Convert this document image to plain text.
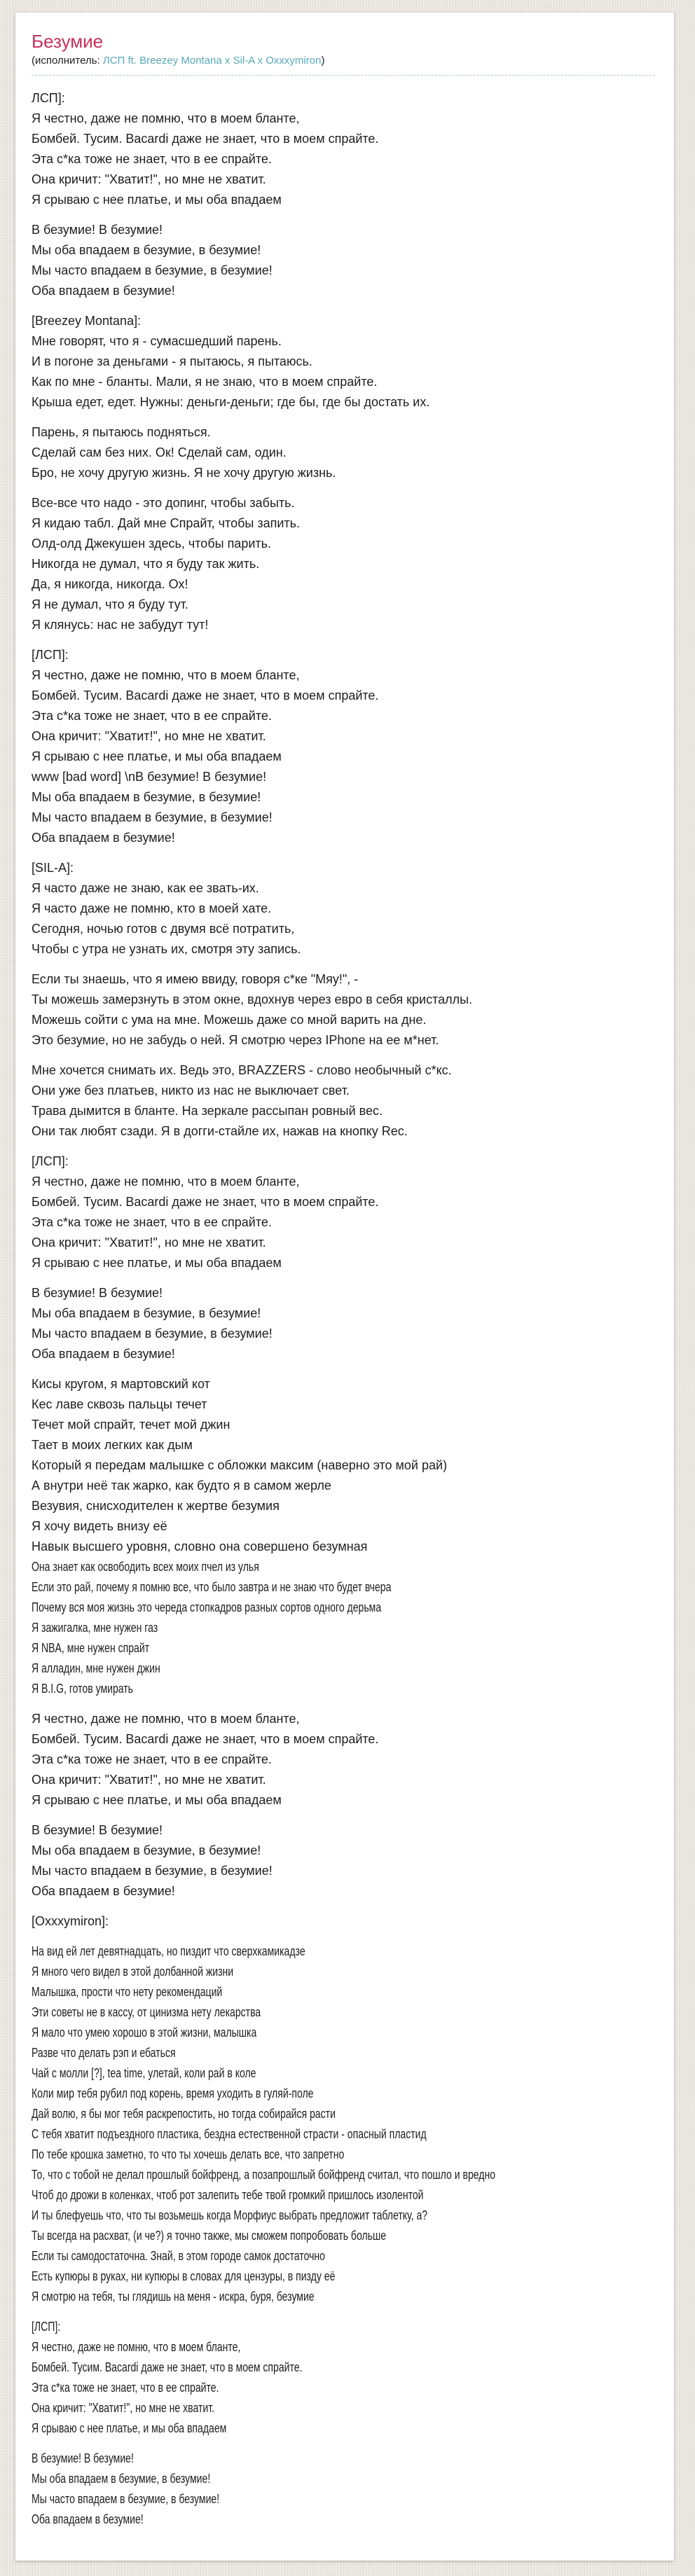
Безумие
(исполнитель: ЛСП ft. Breezey Montana x Sil-A x Oxxxymiron)
ЛСП]:
Я честно, даже не помню, что в моем бланте,
Бомбей. Тусим. Bacardi даже не знает, что в моем спрайте.
Эта с*ка тоже не знает, что в ее спрайте.
Она кричит: "Хватит!", но мне не хватит.
Я срываю с нее платье, и мы оба впадаем
В безумие! В безумие!
Мы оба впадаем в безумие, в безумие!
Мы часто впадаем в безумие, в безумие!
Оба впадаем в безумие!
[Breezey Montana]:
Мне говорят, что я - сумасшедший парень.
И в погоне за деньгами - я пытаюсь, я пытаюсь.
Как по мне - бланты. Мали, я не знаю, что в моем спрайте.
Крыша едет, едет. Нужны: деньги-деньги; где бы, где бы достать их.
Парень, я пытаюсь подняться.
Сделай сам без них. Ок! Сделай сам, один.
Бро, не хочу другую жизнь. Я не хочу другую жизнь.
Все-все что надо - это допинг, чтобы забыть.
Я кидаю табл. Дай мне Спрайт, чтобы запить.
Олд-олд Джекушен здесь, чтобы парить.
Никогда не думал, что я буду так жить.
Да, я никогда, никогда. Ох!
Я не думал, что я буду тут.
Я клянусь: нас не забудут тут!
[ЛСП]:
Я честно, даже не помню, что в моем бланте,
Бомбей. Тусим. Bacardi даже не знает, что в моем спрайте.
Эта с*ка тоже не знает, что в ее спрайте.
Она кричит: "Хватит!", но мне не хватит.
Я срываю с нее платье, и мы оба впадаем
www [bad word] \nВ безумие! В безумие!
Мы оба впадаем в безумие, в безумие!
Мы часто впадаем в безумие, в безумие!
Оба впадаем в безумие!
[SIL-A]:
Я часто даже не знаю, как ее звать-их.
Я часто даже не помню, кто в моей хате.
Сегодня, ночью готов с двумя всё потратить,
Чтобы с утра не узнать их, смотря эту запись.
Если ты знаешь, что я имею ввиду, говоря с*ке "Мяу!", -
Ты можешь замерзнуть в этом окне, вдохнув через евро в себя кристаллы.
Можешь сойти с ума на мне. Можешь даже со мной варить на дне.
Это безумие, но не забудь о ней. Я смотрю через IPhone на ее м*нет.
Мне хочется снимать их. Ведь это, BRAZZERS - слово необычный с*кс.
Они уже без платьев, никто из нас не выключает свет.
Трава дымится в бланте. На зеркале рассыпан ровный вес.
Они так любят сзади. Я в догги-стайле их, нажав на кнопку Rec.
[ЛСП]:
Я честно, даже не помню, что в моем бланте,
Бомбей. Тусим. Bacardi даже не знает, что в моем спрайте.
Эта с*ка тоже не знает, что в ее спрайте.
Она кричит: "Хватит!", но мне не хватит.
Я срываю с нее платье, и мы оба впадаем
В безумие! В безумие!
Мы оба впадаем в безумие, в безумие!
Мы часто впадаем в безумие, в безумие!
Оба впадаем в безумие!
Кисы кругом, я мартовский кот
Кес лаве сквозь пальцы течет
Течет мой спрайт, течет мой джин
Тает в моих легких как дым
Который я передам малышке с обложки максим (наверно это мой рай)
А внутри неё так жарко, как будто я в самом жерле
Везувия, снисходителен к жертве безумия
Я хочу видеть внизу её
Навык высшего уровня, словно она совершено безумная
Она знает как освободить всех моих пчел из улья
Если это рай, почему я помню все, что было завтра и не знаю что будет вчера
Почему вся моя жизнь это череда стопкадров разных сортов одного дерьма
Я зажигалка, мне нужен газ
Я NBA, мне нужен спрайт
Я алладин, мне нужен джин
Я B.I.G, готов умирать
Я честно, даже не помню, что в моем бланте,
Бомбей. Тусим. Bacardi даже не знает, что в моем спрайте.
Эта с*ка тоже не знает, что в ее спрайте.
Она кричит: "Хватит!", но мне не хватит.
Я срываю с нее платье, и мы оба впадаем
В безумие! В безумие!
Мы оба впадаем в безумие, в безумие!
Мы часто впадаем в безумие, в безумие!
Оба впадаем в безумие!
[Oxxxymiron]:
На вид ей лет девятнадцать, но пиздит что сверхкамикадзе
Я много чего видел в этой долбанной жизни
Малышка, прости что нету рекомендаций
Эти советы не в кассу, от цинизма нету лекарства
Я мало что умею хорошо в этой жизни, малышка
Разве что делать рэп и ебаться
Чай с молли [?], tea time, улетай, коли рай в коле
Коли мир тебя рубил под корень, время уходить в гуляй-поле
Дай волю, я бы мог тебя раскрепостить, но тогда собирайся расти
С тебя хватит подъездного пластика, бездна естественной страсти - опасный пластид
По тебе крошка заметно, то что ты хочешь делать все, что запретно
То, что с тобой не делал прошлый бойфренд, а позапрошлый бойфренд считал, что пошло и вредно
Чтоб до дрожи в коленках, чтоб рот залепить тебе твой громкий пришлось изолентой
И ты блефуешь что, что ты возьмешь когда Морфиус выбрать предложит таблетку, а?
Ты всегда на расхват, (и че?) я точно также, мы сможем попробовать больше
Если ты самодостаточна. Знай, в этом городе самок достаточно
Есть купюры в руках, ни купюры в словах для цензуры, в пизду её
Я смотрю на тебя, ты глядишь на меня - искра, буря, безумие
[ЛСП]:
Я честно, даже не помню, что в моем бланте,
Бомбей. Тусим. Bacardi даже не знает, что в моем спрайте.
Эта с*ка тоже не знает, что в ее спрайте.
Она кричит: "Хватит!", но мне не хватит.
Я срываю с нее платье, и мы оба впадаем
В безумие! В безумие!
Мы оба впадаем в безумие, в безумие!
Мы часто впадаем в безумие, в безумие!
Оба впадаем в безумие!
